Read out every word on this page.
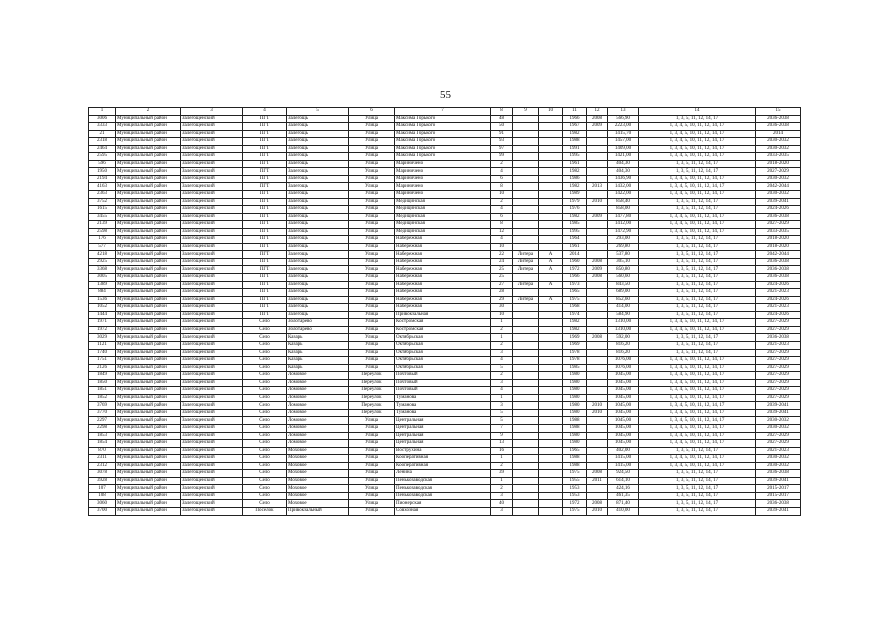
55
1	2	3	4	5	6	7	8	9	10	11	12	13	14	15
3006	Муниципальный район	Залегощенский	ПГТ	Залегощь	Улица	Максима Горького	48			1966	2008	566,90	1, 3, 5, 11, 12, 14, 17	2036-2038
3333	Муниципальный район	Залегощенский	ПГТ	Залегощь	Улица	Максима Горького	50			1967	2009	2223,00	1, 3, 4, 5, 10, 11, 12, 14, 17	2036-2038
21	Муниципальный район	Залегощенский	ПГТ	Залегощь	Улица	Максима Горького	91			1982		1415,70	1, 3, 4, 5, 10, 11, 12, 14, 17	2014
2318	Муниципальный район	Залегощенский	ПГТ	Залегощь	Улица	Максима Горького	93			1988		1457,00	1, 3, 4, 5, 10, 11, 12, 14, 17	2030-2032
2464	Муниципальный район	Залегощенский	ПГТ	Залегощь	Улица	Максима Горького	97			1991		1409,00	1, 3, 4, 5, 10, 11, 12, 14, 17	2030-2032
2595	Муниципальный район	Залегощенский	ПГТ	Залегощь	Улица	Максима Горького	99			1995		1421,00	1, 3, 4, 5, 10, 11, 12, 14, 17	2033-2035
596	Муниципальный район	Залегощенский	ПГТ	Залегощь	Улица	Мариничено	2			1961		404,30	1, 3, 5, 11, 12, 14, 17	2018-2020
1950	Муниципальный район	Залегощенский	ПГТ	Залегощь	Улица	Мариничено	4			1982		404,30	1, 3, 5, 11, 12, 14, 17	2027-2029
2194	Муниципальный район	Залегощенский	ПГТ	Залегощь	Улица	Мариничено	6			1986		1436,90	1, 3, 4, 5, 10, 11, 12, 14, 17	2030-2032
4163	Муниципальный район	Залегощенский	ПГТ	Залегощь	Улица	Мариничено	8			1982	2013	1432,00	1, 3, 4, 5, 10, 11, 12, 14, 17	2042-2044
2363	Муниципальный район	Залегощенский	ПГТ	Залегощь	Улица	Мариничено	10			1989		1422,00	1, 3, 4, 5, 10, 11, 12, 14, 17	2030-2032
3752	Муниципальный район	Залегощенский	ПГТ	Залегощь	Улица	Медицинская	2			1979	2010	858,40	1, 3, 5, 11, 12, 14, 17	2039-2041
1615	Муниципальный район	Залегощенский	ПГТ	Залегощь	Улица	Медицинская	4			1976		858,00	1, 3, 5, 11, 12, 14, 17	2024-2026
3455	Муниципальный район	Залегощенский	ПГТ	Залегощь	Улица	Медицинская	6			1982	2009	1477,80	1, 3, 4, 5, 10, 11, 12, 14, 17	2036-2038
2139	Муниципальный район	Залегощенский	ПГТ	Залегощь	Улица	Медицинская	8			1985		1412,00	1, 3, 4, 5, 10, 11, 12, 14, 17	2027-2029
2598	Муниципальный район	Залегощенский	ПГТ	Залегощь	Улица	Медицинская	12			1995		1472,90	1, 3, 4, 5, 10, 11, 12, 14, 17	2033-2035
176	Муниципальный район	Залегощенский	ПГТ	Залегощь	Улица	Набережная	4			1964		293,00	1, 3, 5, 11, 12, 14, 17	2018-2020
577	Муниципальный район	Залегощенский	ПГТ	Залегощь	Улица	Набережная	10			1961		269,80	1, 3, 5, 11, 12, 14, 17	2018-2020
4218	Муниципальный район	Залегощенский	ПГТ	Залегощь	Улица	Набережная	22	Литера	А	2014		537,80	1, 3, 5, 11, 12, 14, 17	2042-2044
2925	Муниципальный район	Залегощенский	ПГТ	Залегощь	Улица	Набережная	24	Литера	А	1960	2008	305,10	1, 3, 5, 11, 12, 14, 17	2036-2038
3368	Муниципальный район	Залегощенский	ПГТ	Залегощь	Улица	Набережная	25	Литера	А	1972	2009	850,80	1, 3, 5, 11, 12, 14, 17	2036-2038
3005	Муниципальный район	Залегощенский	ПГТ	Залегощь	Улица	Набережная	25			1966	2008	560,60	1, 3, 5, 11, 12, 14, 17	2036-2038
1389	Муниципальный район	Залегощенский	ПГТ	Залегощь	Улица	Набережная	27	Литера	А	1973		843,50	1, 3, 5, 11, 12, 14, 17	2024-2026
884	Муниципальный район	Залегощенский	ПГТ	Залегощь	Улица	Набережная	28			1965		689,00	1, 3, 5, 11, 12, 14, 17	2021-2023
1536	Муниципальный район	Залегощенский	ПГТ	Залегощь	Улица	Набережная	29	Литера	А	1975		852,60	1, 3, 5, 11, 12, 14, 17	2024-2026
1052	Муниципальный район	Залегощенский	ПГТ	Залегощь	Улица	Набережная	30			1968		414,00	1, 3, 5, 11, 12, 14, 17	2021-2023
1444	Муниципальный район	Залегощенский	ПГТ	Залегощь	Улица	Привокзальная	10			1974		584,90	1, 3, 5, 11, 12, 14, 17	2024-2026
1971	Муниципальный район	Залегощенский	Село	Золотарево	Улица	Костромская	1			1982		1310,00	1, 3, 4, 5, 10, 11, 12, 14, 17	2027-2029
1972	Муниципальный район	Залегощенский	Село	Золотарево	Улица	Костромская	2			1982		1310,00	1, 3, 4, 5, 10, 11, 12, 14, 17	2027-2029
3029	Муниципальный район	Залегощенский	Село	Казарь	Улица	Октябрьская	1			1969	2008	592,00	1, 3, 5, 11, 12, 14, 17	2036-2038
1121	Муниципальный район	Залегощенский	Село	Казарь	Улица	Октябрьская	2			1969		816,20	1, 3, 5, 11, 12, 14, 17	2021-2023
1740	Муниципальный район	Залегощенский	Село	Казарь	Улица	Октябрьская	3			1978		816,20	1, 3, 5, 11, 12, 14, 17	2027-2029
1751	Муниципальный район	Залегощенский	Село	Казарь	Улица	Октябрьская	4			1978		1076,00	1, 3, 4, 5, 10, 11, 12, 14, 17	2027-2029
2126	Муниципальный район	Залегощенский	Село	Казарь	Улица	Октябрьская	5			1985		1076,00	1, 3, 4, 5, 10, 11, 12, 14, 17	2027-2029
1849	Муниципальный район	Залегощенский	Село	Ломовое	Переулок	Почтовый	2			1980		1045,00	1, 3, 4, 5, 10, 11, 12, 14, 17	2027-2029
1850	Муниципальный район	Залегощенский	Село	Ломовое	Переулок	Почтовый	3			1980		1045,00	1, 3, 4, 5, 10, 11, 12, 14, 17	2027-2029
1851	Муниципальный район	Залегощенский	Село	Ломовое	Переулок	Почтовый	4			1980		1045,00	1, 3, 4, 5, 10, 11, 12, 14, 17	2027-2029
1852	Муниципальный район	Залегощенский	Село	Ломовое	Переулок	Туманова	1			1980		1045,00	1, 3, 4, 5, 10, 11, 12, 14, 17	2027-2029
3769	Муниципальный район	Залегощенский	Село	Ломовое	Переулок	Туманова	3			1980	2010	1045,00	1, 3, 4, 5, 10, 11, 12, 14, 17	2039-2041
3770	Муниципальный район	Залегощенский	Село	Ломовое	Переулок	Туманова	5			1980	2010	1045,00	1, 3, 4, 5, 10, 11, 12, 14, 17	2039-2041
2297	Муниципальный район	Залегощенский	Село	Ломовое	Улица	Центральная	5			1988		1045,00	1, 3, 4, 5, 10, 11, 12, 14, 17	2030-2032
2298	Муниципальный район	Залегощенский	Село	Ломовое	Улица	Центральная	7			1988		1045,00	1, 3, 4, 5, 10, 11, 12, 14, 17	2030-2032
1853	Муниципальный район	Залегощенский	Село	Ломовое	Улица	Центральная	9			1980		1045,00	1, 3, 4, 5, 10, 11, 12, 14, 17	2027-2029
1854	Муниципальный район	Залегощенский	Село	Ломовое	Улица	Центральная	13			1980		1045,00	1, 3, 4, 5, 10, 11, 12, 14, 17	2027-2029
870	Муниципальный район	Залегощенский	Село	Моховое	Улица	Вострухина	16			1965		402,00	1, 3, 5, 11, 12, 14, 17	2021-2023
2311	Муниципальный район	Залегощенский	Село	Моховое	Улица	Кооперативная	1			1988		1415,00	1, 3, 4, 5, 10, 11, 12, 14, 17	2030-2032
2312	Муниципальный район	Залегощенский	Село	Моховое	Улица	Кооперативная	2			1988		1415,00	1, 3, 4, 5, 10, 11, 12, 14, 17	2030-2032
3078	Муниципальный район	Залегощенский	Село	Моховое	Улица	Ленина	39			1975	2008	924,50	1, 3, 5, 11, 12, 14, 17	2036-2038
3928	Муниципальный район	Залегощенский	Село	Моховое	Улица	Пенькозаводская	1			1955	2011	614,10	1, 3, 5, 11, 12, 14, 17	2039-2041
107	Муниципальный район	Залегощенский	Село	Моховое	Улица	Пенькозаводская	2			1953		424,16	1, 3, 5, 11, 12, 14, 17	2015-2017
108	Муниципальный район	Залегощенский	Село	Моховое	Улица	Пенькозаводская	3			1953		461,35	1, 3, 5, 11, 12, 14, 17	2015-2017
3060	Муниципальный район	Залегощенский	Село	Моховое	Улица	Пионерская	40			1972	2008	871,40	1, 3, 5, 11, 12, 14, 17	2036-2038
3700	Муниципальный район	Залегощенский	Поселок	Привокзальный	Улица	Совхозная	3			1975	2010	410,00	1, 3, 5, 11, 12, 14, 17	2039-2041
